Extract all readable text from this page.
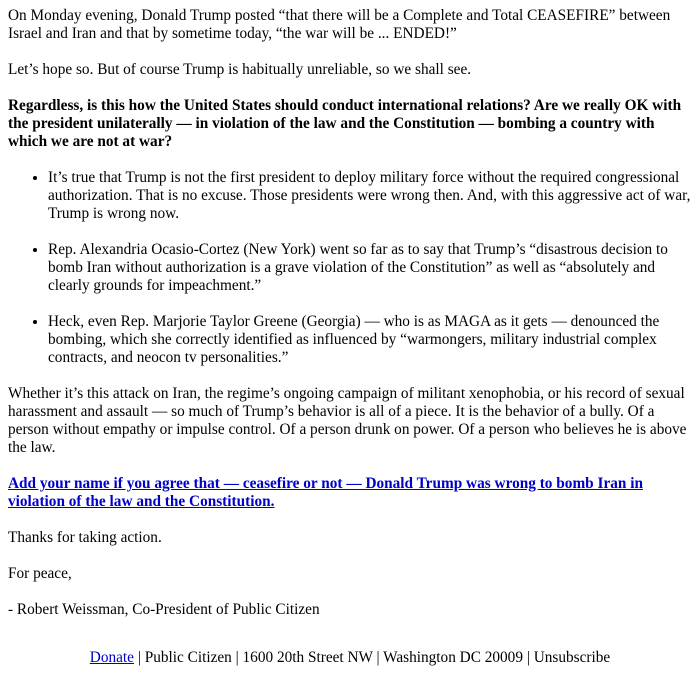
On Monday evening, Donald Trump posted “that there will be a Complete and Total CEASEFIRE” between Israel and Iran and that by sometime today, “the war will be ... ENDED!”

Let’s hope so. But of course Trump is habitually unreliable, so we shall see.

Regardless, is this how the United States should conduct international relations? Are we really OK with the president unilaterally — in violation of the law and the Constitution — bombing a country with which we are not at war?

• It’s true that Trump is not the first president to deploy military force without the required congressional authorization. That is no excuse. Those presidents were wrong then. And, with this aggressive act of war, Trump is wrong now.
• Rep. Alexandria Ocasio-Cortez (New York) went so far as to say that Trump’s “disastrous decision to bomb Iran without authorization is a grave violation of the Constitution” as well as “absolutely and clearly grounds for impeachment.”
• Heck, even Rep. Marjorie Taylor Greene (Georgia) — who is as MAGA as it gets — denounced the bombing, which she correctly identified as influenced by “warmongers, military industrial complex contracts, and neocon tv personalities.”

Whether it’s this attack on Iran, the regime’s ongoing campaign of militant xenophobia, or his record of sexual harassment and assault — so much of Trump’s behavior is all of a piece. It is the behavior of a bully. Of a person without empathy or impulse control. Of a person drunk on power. Of a person who believes he is above the law.

Add your name if you agree that — ceasefire or not — Donald Trump was wrong to bomb Iran in violation of the law and the Constitution.

Thanks for taking action.

For peace,

- Robert Weissman, Co-President of Public Citizen

Donate | Public Citizen | 1600 20th Street NW | Washington DC 20009 | Unsubscribe
